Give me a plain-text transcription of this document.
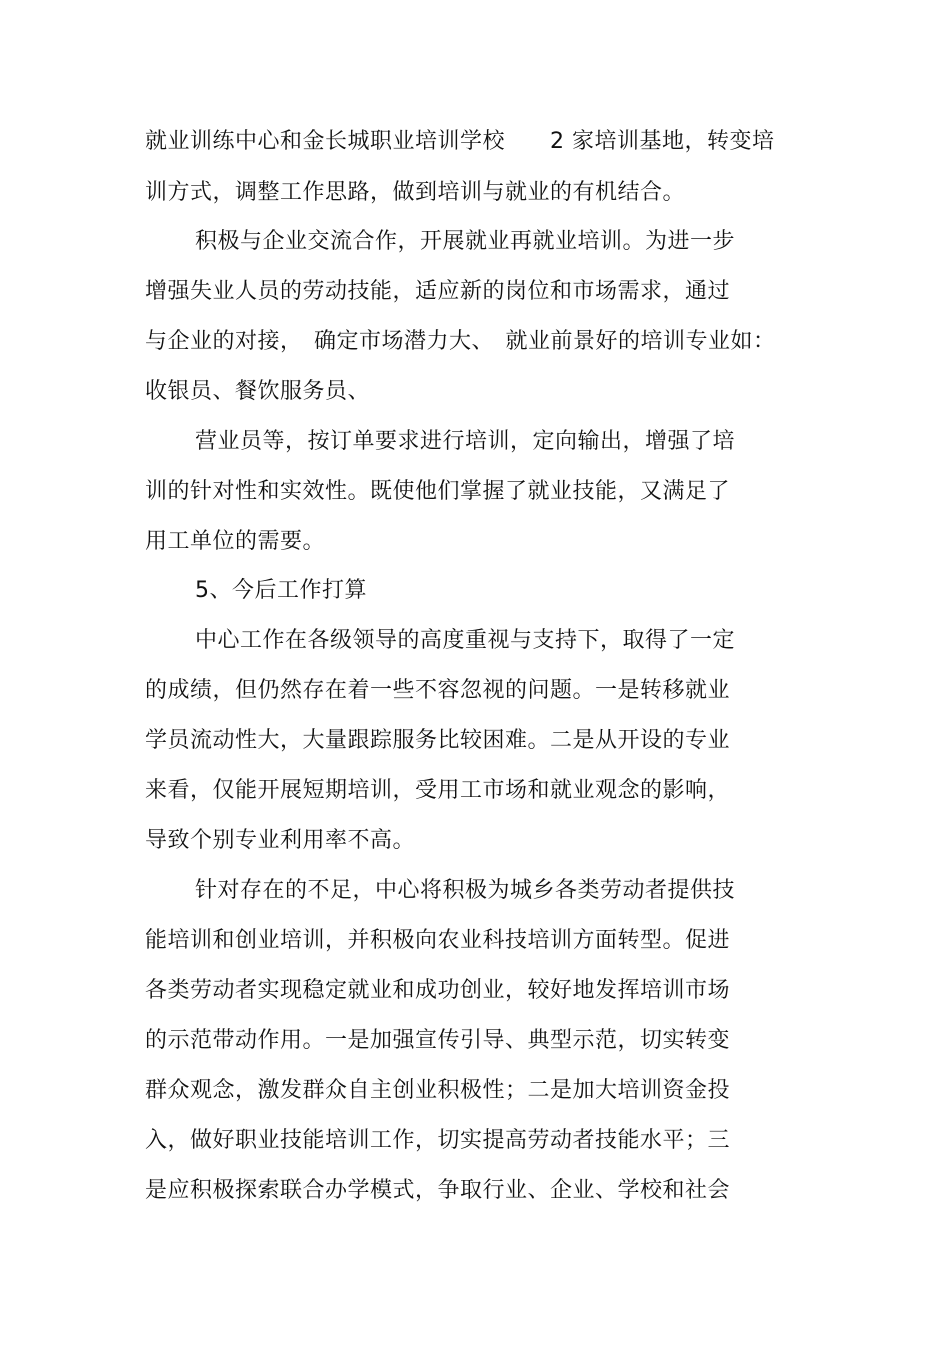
就业训练中心和金长城职业培训学校　　2 家培训基地，转变培
训方式，调整工作思路，做到培训与就业的有机结合。
积极与企业交流合作，开展就业再就业培训。为进一步
增强失业人员的劳动技能，适应新的岗位和市场需求，通过
与企业的对接，　确定市场潜力大、　就业前景好的培训专业如：
收银员、餐饮服务员、
营业员等，按订单要求进行培训，定向输出，增强了培
训的针对性和实效性。既使他们掌握了就业技能，又满足了
用工单位的需要。
5、今后工作打算
中心工作在各级领导的高度重视与支持下，取得了一定
的成绩，但仍然存在着一些不容忽视的问题。一是转移就业
学员流动性大，大量跟踪服务比较困难。二是从开设的专业
来看，仅能开展短期培训，受用工市场和就业观念的影响，
导致个别专业利用率不高。
针对存在的不足，中心将积极为城乡各类劳动者提供技
能培训和创业培训，并积极向农业科技培训方面转型。促进
各类劳动者实现稳定就业和成功创业，较好地发挥培训市场
的示范带动作用。一是加强宣传引导、典型示范，切实转变
群众观念，激发群众自主创业积极性；二是加大培训资金投
入，做好职业技能培训工作，切实提高劳动者技能水平；三
是应积极探索联合办学模式，争取行业、企业、学校和社会
